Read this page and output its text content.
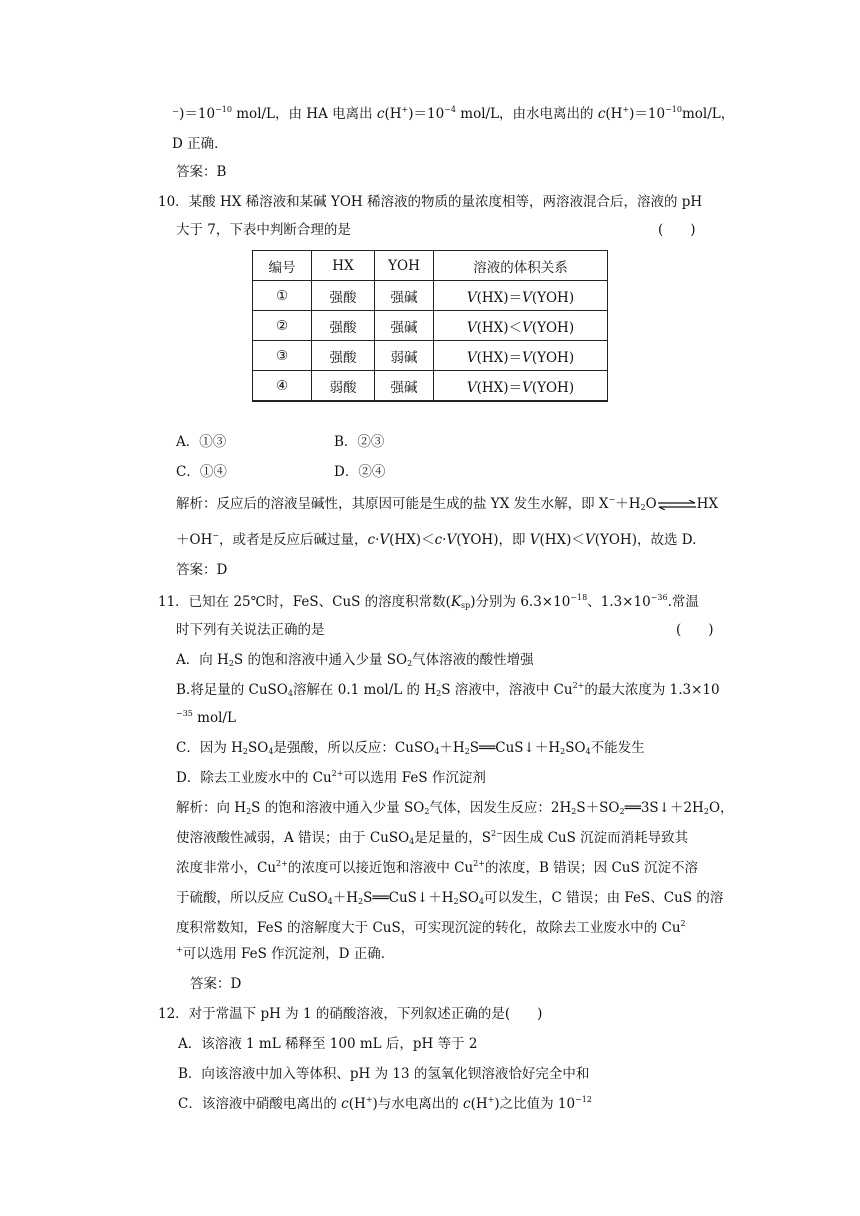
$^-)=10^{-10}$ mol/L，由 HA 电离出 $c(H^+)=10^{-4}$ mol/L，由水电离出的 $c(H^+)=10^{-10}mol/L$，
D 正确．
答案：B
10．某酸 HX 稀溶液和某碱 YOH 稀溶液的物质的量浓度相等，两溶液混合后，溶液的 pH
大于 7，下表中判断合理的是	(　　)
编号	HX	YOH	溶液的体积关系
①	强酸	强碱	V(HX)＝V(YOH)
②	强酸	强碱	V(HX)＜V(YOH)
③	强酸	弱碱	V(HX)＝V(YOH)
④	弱酸	强碱	V(HX)＝V(YOH)

A．①③	B．②③
C．①④	D．②④
解析：反应后的溶液呈碱性，其原因可能是生成的盐 YX 发生水解，即 $X^-+H_2O\rightleftharpoons HX$
＋OH−，或者是反应后碱过量，c·V(HX)＜c·V(YOH)，即 V(HX)＜V(YOH)，故选 D.
答案：D
11．已知在 25℃时，FeS、CuS 的溶度积常数$(K_{sp})$分别为 $6.3\times 10^{-18}$、$1.3\times 10^{-36}$.常温
时下列有关说法正确的是	(　　)
A．向 $H_2S$ 的饱和溶液中通入少量 $SO_2$气体溶液的酸性增强
B.将足量的 CuSO$_4$溶解在 0.1 mol/L 的 $H_2S$ 溶液中，溶液中 $Cu^{2+}$的最大浓度为 1.3×10
$^{-35}$ mol/L
C．因为 $H_2SO_4$是强酸，所以反应：$CuSO_4+H_2S══CuS↓+H_2SO_4$不能发生
D．除去工业废水中的 $Cu^{2+}$可以选用 FeS 作沉淀剂
解析：向 $H_2S$ 的饱和溶液中通入少量 $SO_2$气体，因发生反应：$2H_2S+SO_2══3S↓+2H_2O$，
使溶液酸性减弱，A 错误；由于 CuSO$_4$是足量的，$S^{2-}$因生成 CuS 沉淀而消耗导致其
浓度非常小，$Cu^{2+}$的浓度可以接近饱和溶液中 $Cu^{2+}$的浓度，B 错误；因 CuS 沉淀不溶
于硫酸，所以反应 $CuSO_4+H_2S══CuS↓+H_2SO_4$可以发生，C 错误；由 FeS、CuS 的溶
度积常数知，FeS 的溶解度大于 CuS，可实现沉淀的转化，故除去工业废水中的 Cu$^2$
+可以选用 FeS 作沉淀剂，D 正确．
答案：D
12．对于常温下 pH 为 1 的硝酸溶液，下列叙述正确的是(　　)
A．该溶液 1 mL 稀释至 100 mL 后，pH 等于 2
B．向该溶液中加入等体积、pH 为 13 的氢氧化钡溶液恰好完全中和
C．该溶液中硝酸电离出的 c(H+)与水电离出的 c(H+)之比值为 $10^{-12}$
